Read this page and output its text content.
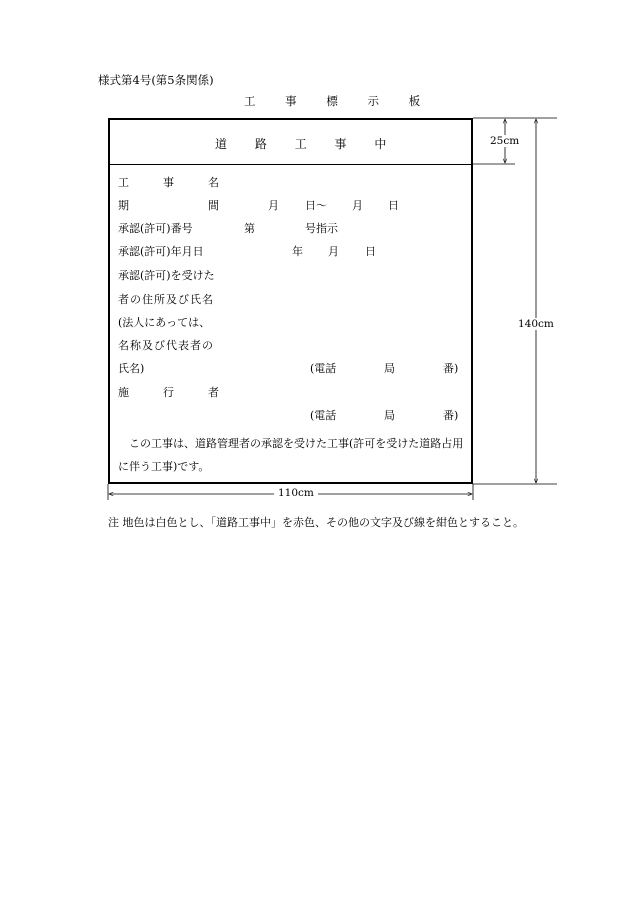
様式第4号(第5条関係)
工 事 標 示 板
道 路 工 事 中
工	事	名
期	間	月 日〜 月 日
承認(許可)番号	第	号指示
承認(許可)年月日	年 月 日
承認(許可)を受けた
者の住所及び氏名
(法人にあっては、
名称及び代表者の
氏名)	(電話	局	番)
施	行	者
(電話	局	番)
この工事は、道路管理者の承認を受けた工事(許可を受けた道路占用に伴う工事)です。
25cm
140cm
110cm
注 地色は白色とし、「道路工事中」を赤色、その他の文字及び線を紺色とすること。
